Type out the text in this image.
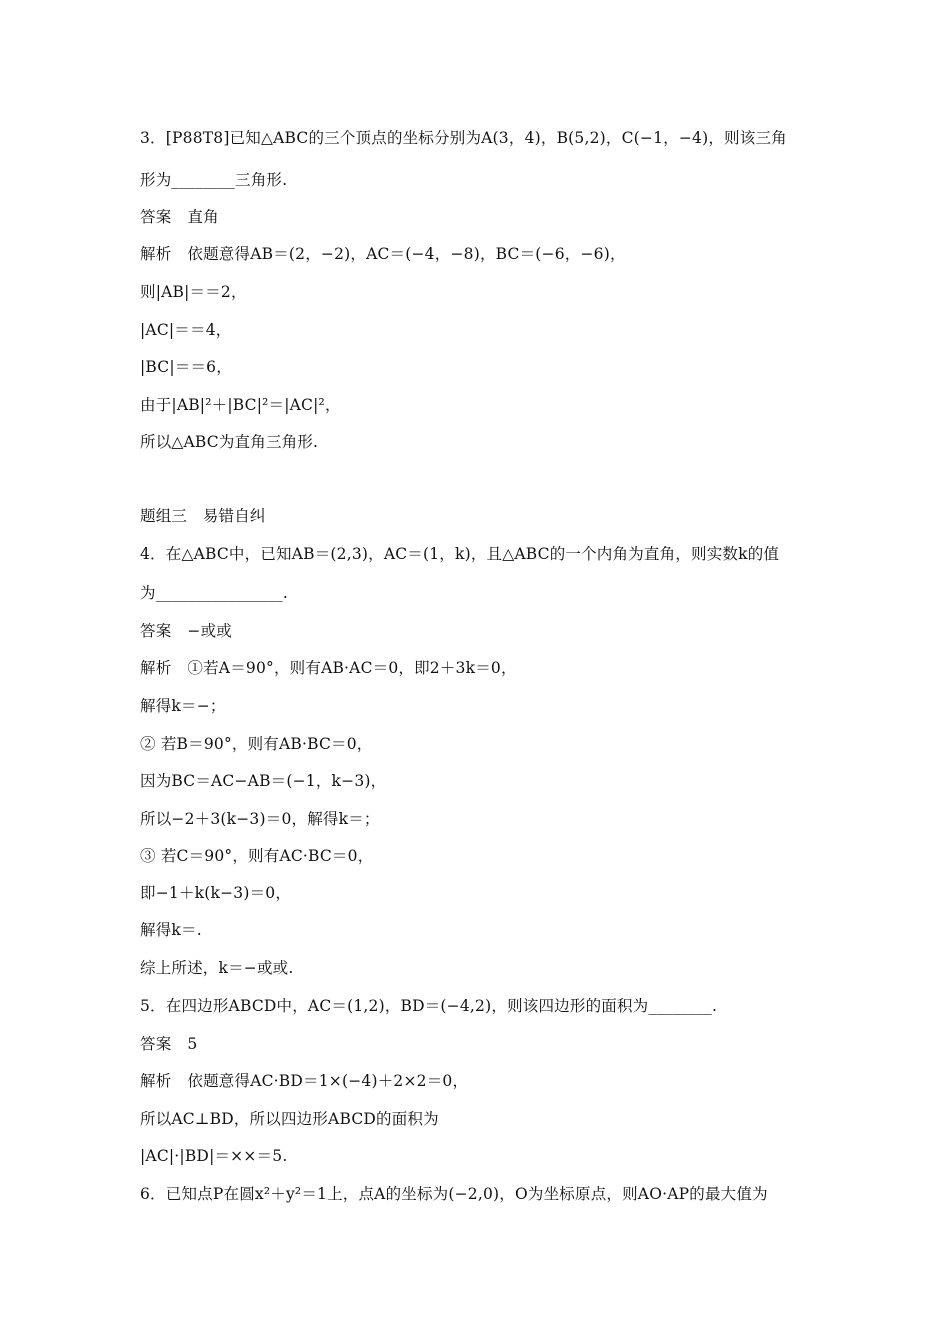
3．[P88T8]已知△ABC的三个顶点的坐标分别为A(3，4)，B(5,2)，C(−1，−4)，则该三角
形为________三角形.
答案 直角
解析 依题意得AB＝(2，−2)，AC＝(−4，−8)，BC＝(−6，−6)，
则|AB|＝＝2，
|AC|＝＝4，
|BC|＝＝6，
由于|AB|²＋|BC|²＝|AC|²，
所以△ABC为直角三角形.
题组三　易错自纠
4．在△ABC中，已知AB＝(2,3)，AC＝(1，k)，且△ABC的一个内角为直角，则实数k的值
为________________.
答案 −或或
解析 ①若A＝90°，则有AB·AC＝0，即2＋3k＝0，
解得k＝−；
② 若B＝90°，则有AB·BC＝0，
因为BC＝AC−AB＝(−1，k−3)，
所以−2＋3(k−3)＝0，解得k＝；
③ 若C＝90°，则有AC·BC＝0，
即−1＋k(k−3)＝0，
解得k＝.
综上所述，k＝−或或.
5．在四边形ABCD中，AC＝(1,2)，BD＝(−4,2)，则该四边形的面积为________.
答案 5
解析 依题意得AC·BD＝1×(−4)＋2×2＝0，
所以AC⊥BD，所以四边形ABCD的面积为
|AC|·|BD|＝××＝5.
6．已知点P在圆x²＋y²＝1上，点A的坐标为(−2,0)，O为坐标原点，则AO·AP的最大值为
